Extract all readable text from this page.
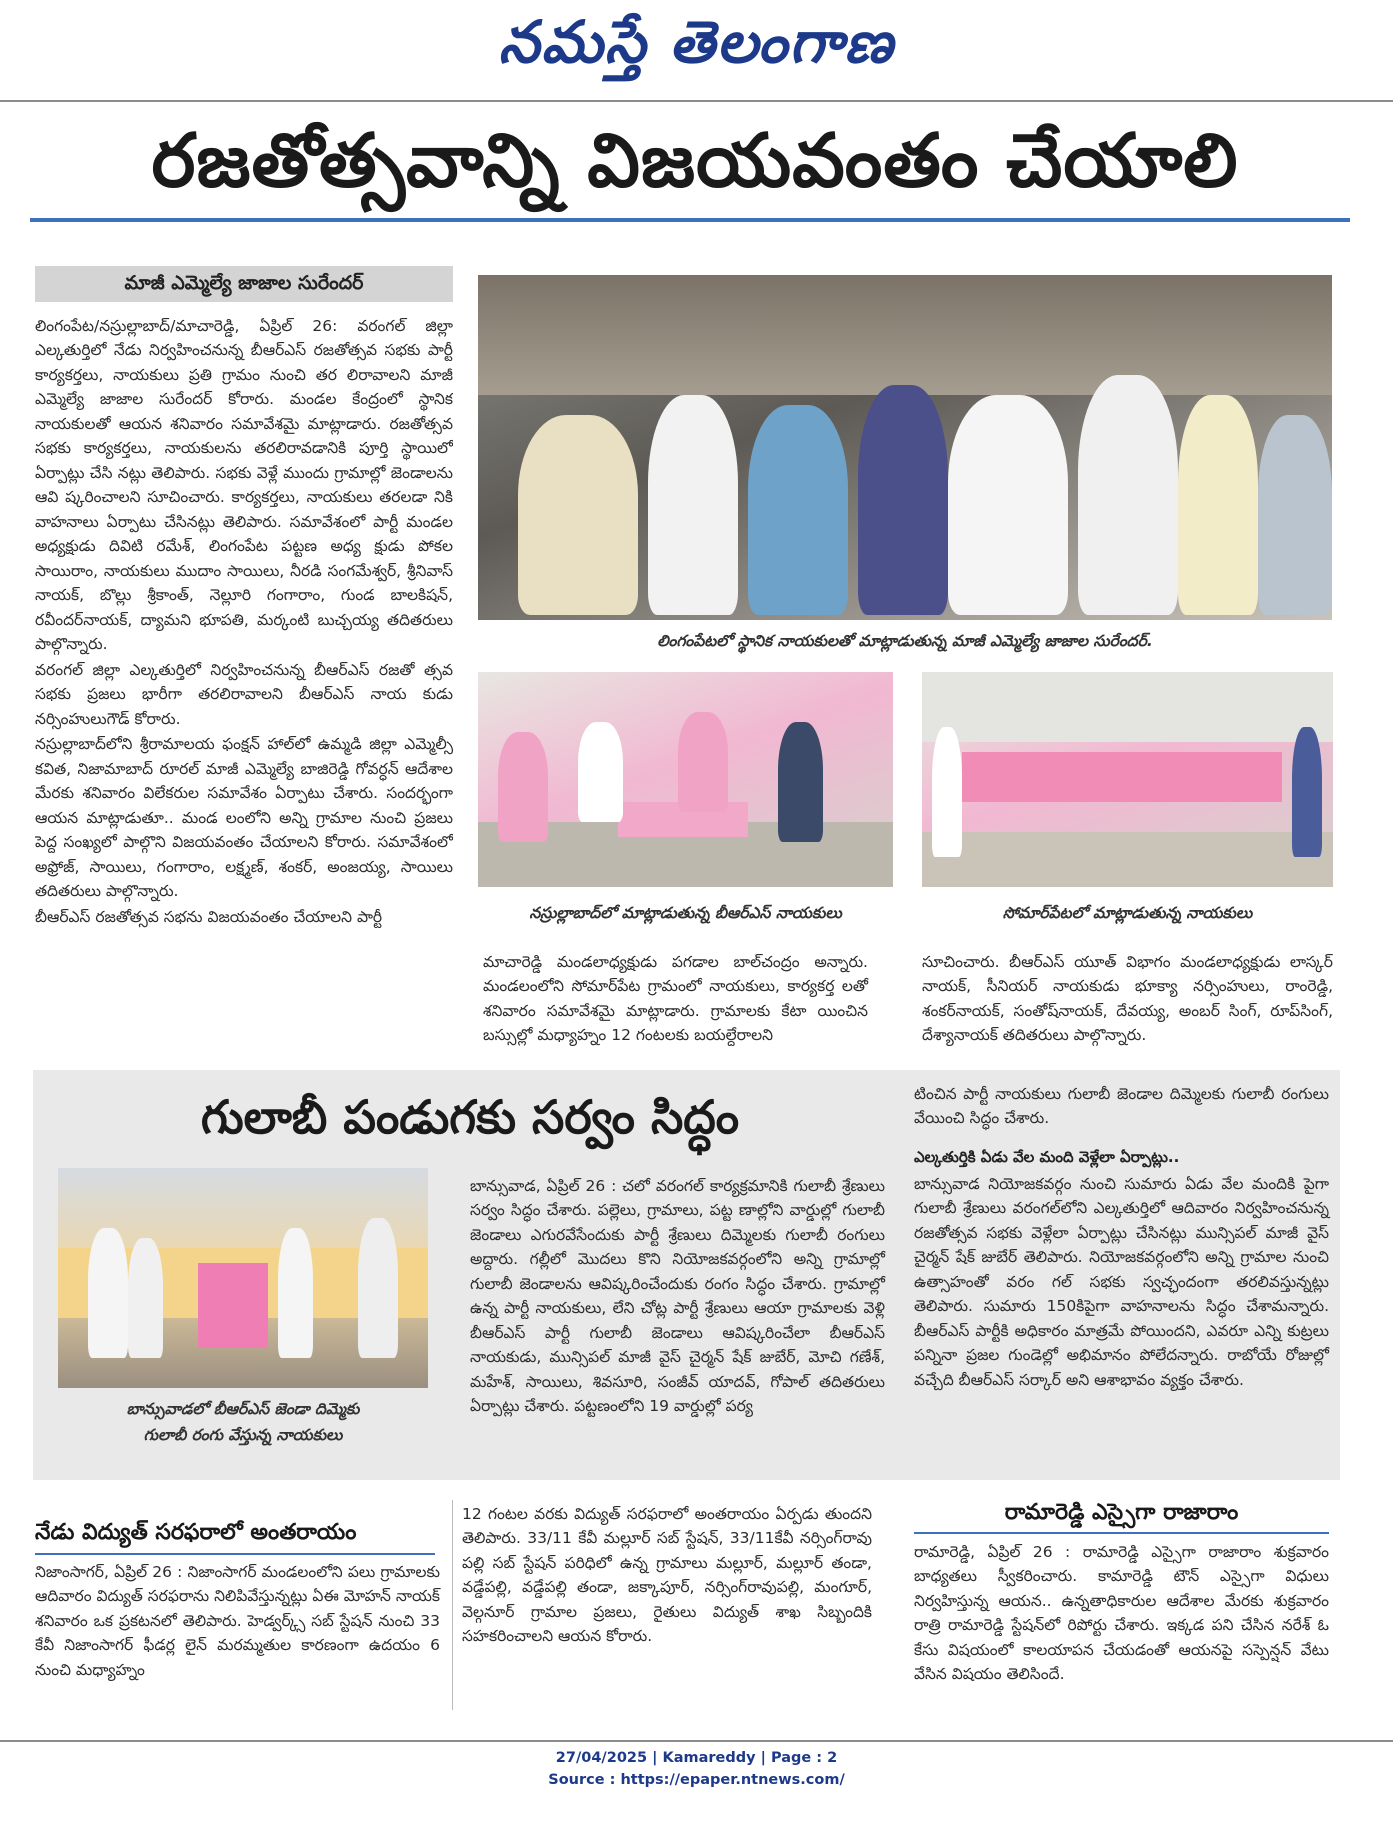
నమస్తే తెలంగాణ
రజతోత్సవాన్ని విజయవంతం చేయాలి
మాజీ ఎమ్మెల్యే జాజాల సురేందర్

లింగంపేట/నస్రుల్లాబాద్/మాచారెడ్డి, ఏప్రిల్ 26: వరంగల్ జిల్లా ఎల్కతుర్తిలో నేడు నిర్వహించనున్న బీఆర్ఎస్ రజతోత్సవ సభకు పార్టీ కార్యకర్తలు, నాయకులు ప్రతి గ్రామం నుంచి తర లిరావాలని మాజీ ఎమ్మెల్యే జాజాల సురేందర్ కోరారు. మండల కేంద్రంలో స్థానిక నాయకులతో ఆయన శనివారం సమావేశమై మాట్లాడారు. రజతోత్సవ సభకు కార్యకర్తలు, నాయకులను తరలిరావడానికి పూర్తి స్థాయిలో ఏర్పాట్లు చేసి నట్లు తెలిపారు. సభకు వెళ్లే ముందు గ్రామాల్లో జెండాలను ఆవి ష్కరించాలని సూచించారు. కార్యకర్తలు, నాయకులు తరలడా నికి వాహనాలు ఏర్పాటు చేసినట్లు తెలిపారు. సమావేశంలో పార్టీ మండల అధ్యక్షుడు దివిటి రమేశ్, లింగంపేట పట్టణ అధ్య క్షుడు పోకల సాయిరాం, నాయకులు ముదాం సాయిలు, నీరడి సంగమేశ్వర్, శ్రీనివాస్ నాయక్, బొల్లు శ్రీకాంత్, నెల్లూరి గంగారాం, గుండ బాలకిషన్, రవీందర్‌నాయక్, ద్యామని భూపతి, మర్కంటి బుచ్చయ్య తదితరులు పాల్గొన్నారు.

వరంగల్ జిల్లా ఎల్కతుర్తిలో నిర్వహించనున్న బీఆర్ఎస్ రజతో త్సవ సభకు ప్రజలు భారీగా తరలిరావాలని బీఆర్ఎస్ నాయ కుడు నర్సింహులుగౌడ్ కోరారు.

నస్రుల్లాబాద్‌లోని శ్రీరామాలయ ఫంక్షన్ హాల్‌లో ఉమ్మడి జిల్లా ఎమ్మెల్సీ కవిత, నిజామాబాద్ రూరల్ మాజీ ఎమ్మెల్యే బాజిరెడ్డి గోవర్ధన్ ఆదేశాల మేరకు శనివారం విలేకరుల సమావేశం ఏర్పాటు చేశారు. సందర్భంగా ఆయన మాట్లాడుతూ.. మండ లంలోని అన్ని గ్రామాల నుంచి ప్రజలు పెద్ద సంఖ్యలో పాల్గొని విజయవంతం చేయాలని కోరారు. సమావేశంలో అఫ్రోజ్, సాయిలు, గంగారాం, లక్ష్మణ్, శంకర్, అంజయ్య, సాయిలు తదితరులు పాల్గొన్నారు.

బీఆర్ఎస్ రజతోత్సవ సభను విజయవంతం చేయాలని పార్టీ

లింగంపేటలో స్థానిక నాయకులతో మాట్లాడుతున్న మాజీ ఎమ్మెల్యే జాజాల సురేందర్.
నస్రుల్లాబాద్‌లో మాట్లాడుతున్న బీఆర్ఎస్ నాయకులు	సోమార్‌పేటలో మాట్లాడుతున్న నాయకులు
మాచారెడ్డి మండలాధ్యక్షుడు పగడాల బాల్‌చంద్రం అన్నారు. మండలంలోని సోమార్‌పేట గ్రామంలో నాయకులు, కార్యకర్త లతో శనివారం సమావేశమై మాట్లాడారు. గ్రామాలకు కేటా యించిన బస్సుల్లో మధ్యాహ్నం 12 గంటలకు బయల్దేరాలని
సూచించారు. బీఆర్ఎస్ యూత్ విభాగం మండలాధ్యక్షుడు లాస్కర్ నాయక్, సీనియర్ నాయకుడు భూక్యా నర్సింహులు, రాంరెడ్డి, శంకర్‌నాయక్, సంతోష్‌నాయక్, దేవయ్య, అంబర్ సింగ్, రూప్‌సింగ్, దేశ్యానాయక్ తదితరులు పాల్గొన్నారు.
గులాబీ పండుగకు సర్వం సిద్ధం
బాన్సువాడలో బీఆర్ఎస్ జెండా దిమ్మెకు
గులాబీ రంగు వేస్తున్న నాయకులు
బాన్సువాడ, ఏప్రిల్ 26 : చలో వరంగల్ కార్యక్రమానికి గులాబీ శ్రేణులు సర్వం సిద్ధం చేశారు. పల్లెలు, గ్రామాలు, పట్ట ణాల్లోని వార్డుల్లో గులాబీ జెండాలు ఎగురవేసేందుకు పార్టీ శ్రేణులు దిమ్మెలకు గులాబీ రంగులు అద్దారు. గల్లీలో మొదలు కొని నియోజకవర్గంలోని అన్ని గ్రామాల్లో గులాబీ జెండాలను ఆవిష్కరించేందుకు రంగం సిద్ధం చేశారు. గ్రామాల్లో ఉన్న పార్టీ నాయకులు, లేని చోట్ల పార్టీ శ్రేణులు ఆయా గ్రామాలకు వెళ్లి బీఆర్ఎస్ పార్టీ గులాబీ జెండాలు ఆవిష్కరించేలా బీఆర్ఎస్ నాయకుడు, మున్సిపల్ మాజీ వైస్ చైర్మన్ షేక్ జుబేర్, మోచి గణేశ్, మహేశ్, సాయిలు, శివసూరి, సంజీవ్ యాదవ్, గోపాల్ తదితరులు ఏర్పాట్లు చేశారు. పట్టణంలోని 19 వార్డుల్లో పర్య
టించిన పార్టీ నాయకులు గులాబీ జెండాల దిమ్మెలకు గులాబీ రంగులు వేయించి సిద్ధం చేశారు.
ఎల్కతుర్తికి ఏడు వేల మంది వెళ్లేలా ఏర్పాట్లు..
బాన్సువాడ నియోజకవర్గం నుంచి సుమారు ఏడు వేల మందికి పైగా గులాబీ శ్రేణులు వరంగల్‌లోని ఎల్కతుర్తిలో ఆదివారం నిర్వహించనున్న రజతోత్సవ సభకు వెళ్లేలా ఏర్పాట్లు చేసినట్లు మున్సిపల్ మాజీ వైస్ చైర్మన్ షేక్ జుబేర్ తెలిపారు. నియోజకవర్గంలోని అన్ని గ్రామాల నుంచి ఉత్సాహంతో వరం గల్ సభకు స్వచ్ఛందంగా తరలివస్తున్నట్లు తెలిపారు. సుమారు 150కిపైగా వాహనాలను సిద్ధం చేశామన్నారు. బీఆర్ఎస్ పార్టీకి అధికారం మాత్రమే పోయిందని, ఎవరూ ఎన్ని కుట్రలు పన్నినా ప్రజల గుండెల్లో అభిమానం పోలేదన్నారు. రాబోయే రోజుల్లో వచ్చేది బీఆర్ఎస్ సర్కార్ అని ఆశాభావం వ్యక్తం చేశారు.
నేడు విద్యుత్ సరఫరాలో అంతరాయం
నిజాంసాగర్, ఏప్రిల్ 26 : నిజాంసాగర్ మండలంలోని పలు గ్రామాలకు ఆదివారం విద్యుత్ సరఫరాను నిలిపివేస్తున్నట్లు ఏఈ మోహన్ నాయక్ శనివారం ఒక ప్రకటనలో తెలిపారు. హెడ్వర్క్స్ సబ్ స్టేషన్ నుంచి 33 కేవీ నిజాంసాగర్ ఫీడర్ల లైన్ మరమ్మతుల కారణంగా ఉదయం 6 నుంచి మధ్యాహ్నం
12 గంటల వరకు విద్యుత్ సరఫరాలో అంతరాయం ఏర్పడు తుందని తెలిపారు. 33/11 కేవీ మల్లూర్ సబ్ స్టేషన్, 33/11కేవీ నర్సింగ్‌రావు పల్లి సబ్ స్టేషన్ పరిధిలో ఉన్న గ్రామాలు మల్లూర్, మల్లూర్ తండా, వడ్డేపల్లి, వడ్డేపల్లి తండా, జక్కాపూర్, నర్సింగ్‌రావుపల్లి, మంగూర్, వెల్గనూర్ గ్రామాల ప్రజలు, రైతులు విద్యుత్ శాఖ సిబ్బందికి సహకరించాలని ఆయన కోరారు.
రామారెడ్డి ఎస్సైగా రాజారాం
రామారెడ్డి, ఏప్రిల్ 26 : రామారెడ్డి ఎస్సైగా రాజారాం శుక్రవారం బాధ్యతలు స్వీకరించారు. కామారెడ్డి టౌన్ ఎస్సైగా విధులు నిర్వహిస్తున్న ఆయన.. ఉన్నతాధికారుల ఆదేశాల మేరకు శుక్రవారం రాత్రి రామారెడ్డి స్టేషన్‌లో రిపోర్టు చేశారు. ఇక్కడ పని చేసిన నరేశ్ ఓ కేసు విషయంలో కాలయాపన చేయడంతో ఆయనపై సస్పెన్షన్ వేటు వేసిన విషయం తెలిసిందే.
27/04/2025 | Kamareddy | Page : 2
Source : https://epaper.ntnews.com/
